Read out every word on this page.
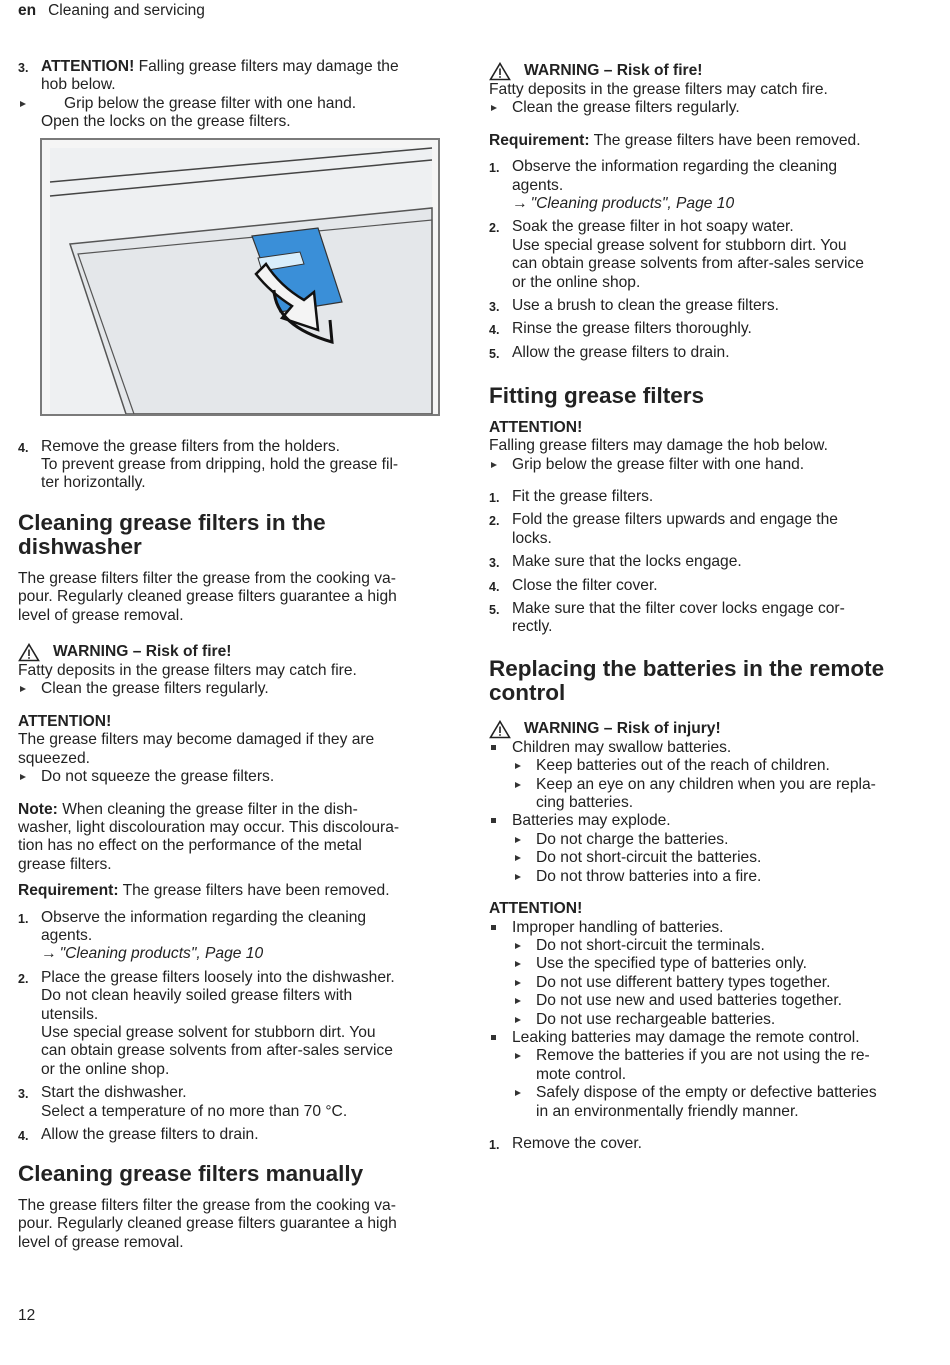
en Cleaning and servicing
3. ATTENTION! Falling grease filters may damage the
hob below.
Grip below the grease filter with one hand.
Open the locks on the grease filters.
4. Remove the grease filters from the holders.
To prevent grease from dripping, hold the grease fil-
ter horizontally.
Cleaning grease filters in the
dishwasher
The grease filters filter the grease from the cooking va-
pour. Regularly cleaned grease filters guarantee a high
level of grease removal.
WARNING – Risk of fire!
Fatty deposits in the grease filters may catch fire.
Clean the grease filters regularly.
ATTENTION!
The grease filters may become damaged if they are
squeezed.
Do not squeeze the grease filters.
Note: When cleaning the grease filter in the dish-
washer, light discolouration may occur. This discoloura-
tion has no effect on the performance of the metal
grease filters.
Requirement: The grease filters have been removed.
1. Observe the information regarding the cleaning
agents.
→ "Cleaning products", Page 10
2. Place the grease filters loosely into the dishwasher.
Do not clean heavily soiled grease filters with
utensils.
Use special grease solvent for stubborn dirt. You
can obtain grease solvents from after-sales service
or the online shop.
3. Start the dishwasher.
Select a temperature of no more than 70 °C.
4. Allow the grease filters to drain.
Cleaning grease filters manually
The grease filters filter the grease from the cooking va-
pour. Regularly cleaned grease filters guarantee a high
level of grease removal.
WARNING – Risk of fire!
Fatty deposits in the grease filters may catch fire.
Clean the grease filters regularly.
Requirement: The grease filters have been removed.
1. Observe the information regarding the cleaning
agents.
→ "Cleaning products", Page 10
2. Soak the grease filter in hot soapy water.
Use special grease solvent for stubborn dirt. You
can obtain grease solvents from after-sales service
or the online shop.
3. Use a brush to clean the grease filters.
4. Rinse the grease filters thoroughly.
5. Allow the grease filters to drain.
Fitting grease filters
ATTENTION!
Falling grease filters may damage the hob below.
Grip below the grease filter with one hand.
1. Fit the grease filters.
2. Fold the grease filters upwards and engage the
locks.
3. Make sure that the locks engage.
4. Close the filter cover.
5. Make sure that the filter cover locks engage cor-
rectly.
Replacing the batteries in the remote
control
WARNING – Risk of injury!
Children may swallow batteries.
Keep batteries out of the reach of children.
Keep an eye on any children when you are repla-
cing batteries.
Batteries may explode.
Do not charge the batteries.
Do not short-circuit the batteries.
Do not throw batteries into a fire.
ATTENTION!
Improper handling of batteries.
Do not short-circuit the terminals.
Use the specified type of batteries only.
Do not use different battery types together.
Do not use new and used batteries together.
Do not use rechargeable batteries.
Leaking batteries may damage the remote control.
Remove the batteries if you are not using the re-
mote control.
Safely dispose of the empty or defective batteries
in an environmentally friendly manner.
1. Remove the cover.
12
